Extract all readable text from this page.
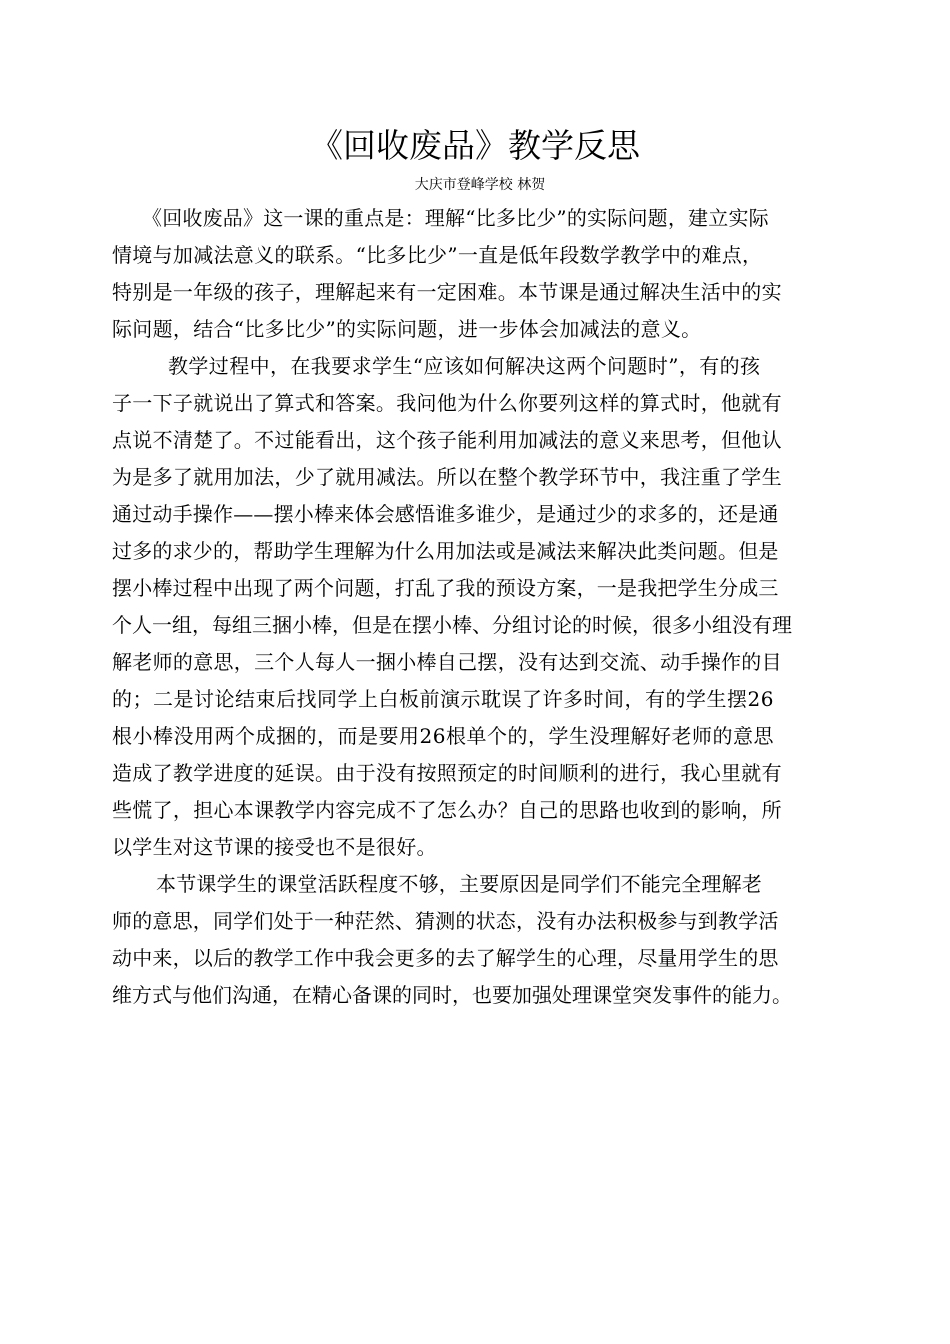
《回收废品》教学反思
大庆市登峰学校 林贺
《回收废品》这一课的重点是：理解“比多比少”的实际问题，建立实际
情境与加减法意义的联系。“比多比少”一直是低年段数学教学中的难点，
特别是一年级的孩子，理解起来有一定困难。本节课是通过解决生活中的实
际问题，结合“比多比少”的实际问题，进一步体会加减法的意义。
教学过程中，在我要求学生“应该如何解决这两个问题时”，有的孩
子一下子就说出了算式和答案。我问他为什么你要列这样的算式时，他就有
点说不清楚了。不过能看出，这个孩子能利用加减法的意义来思考，但他认
为是多了就用加法，少了就用减法。所以在整个教学环节中，我注重了学生
通过动手操作——摆小棒来体会感悟谁多谁少，是通过少的求多的，还是通
过多的求少的，帮助学生理解为什么用加法或是减法来解决此类问题。但是
摆小棒过程中出现了两个问题，打乱了我的预设方案，一是我把学生分成三
个人一组，每组三捆小棒，但是在摆小棒、分组讨论的时候，很多小组没有理
解老师的意思，三个人每人一捆小棒自己摆，没有达到交流、动手操作的目
的；二是讨论结束后找同学上白板前演示耽误了许多时间，有的学生摆26
根小棒没用两个成捆的，而是要用26根单个的，学生没理解好老师的意思
造成了教学进度的延误。由于没有按照预定的时间顺利的进行，我心里就有
些慌了，担心本课教学内容完成不了怎么办？自己的思路也收到的影响，所
以学生对这节课的接受也不是很好。
本节课学生的课堂活跃程度不够，主要原因是同学们不能完全理解老
师的意思，同学们处于一种茫然、猜测的状态，没有办法积极参与到教学活
动中来，以后的教学工作中我会更多的去了解学生的心理，尽量用学生的思
维方式与他们沟通，在精心备课的同时，也要加强处理课堂突发事件的能力。
